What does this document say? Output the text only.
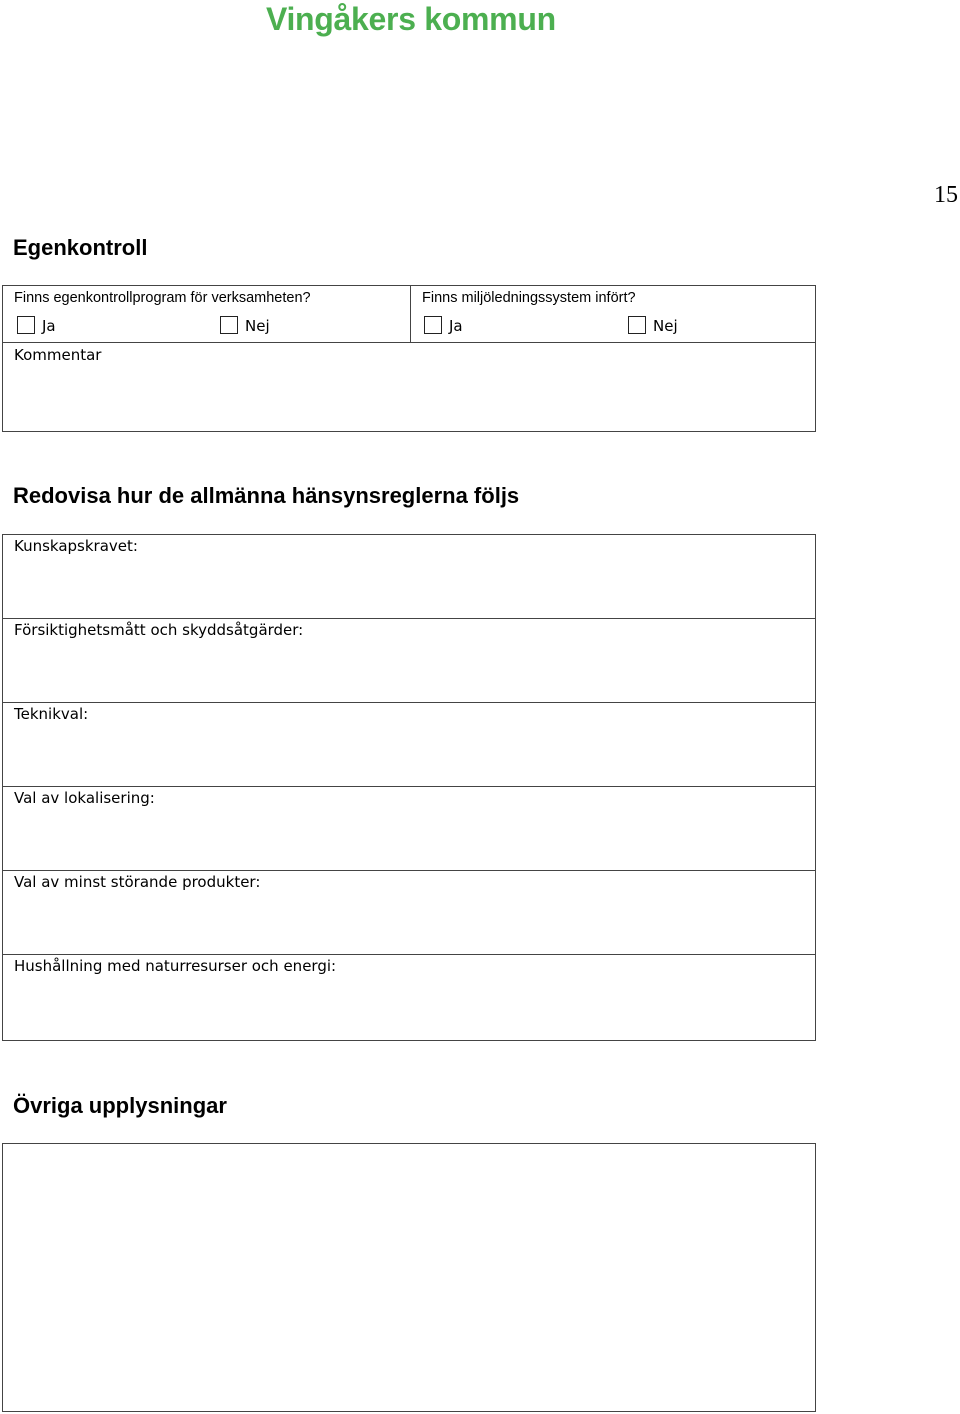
Vingåkers kommun
15
Egenkontroll
Finns egenkontrollprogram för verksamheten?	Finns miljöledningssystem infört?
Ja	Nej	Ja	Nej
Kommentar
Redovisa hur de allmänna hänsynsreglerna följs
Kunskapskravet:
Försiktighetsmått och skyddsåtgärder:
Teknikval:
Val av lokalisering:
Val av minst störande produkter:
Hushållning med naturresurser och energi:
Övriga upplysningar
